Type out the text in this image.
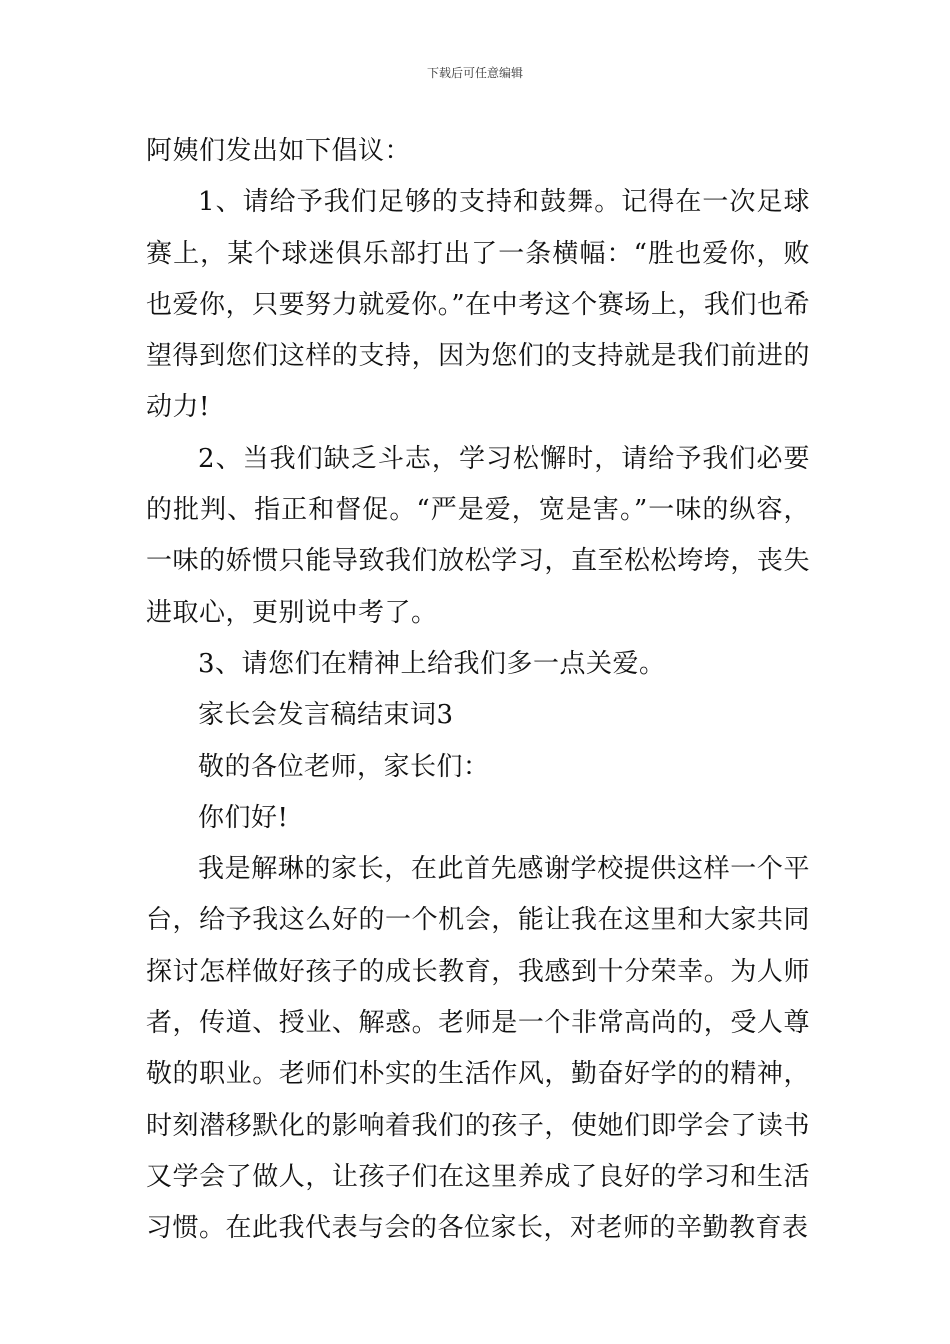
下载后可任意编辑

阿姨们发出如下倡议：

1、请给予我们足够的支持和鼓舞。记得在一次足球赛上，某个球迷俱乐部打出了一条横幅：“胜也爱你，败也爱你，只要努力就爱你。”在中考这个赛场上，我们也希望得到您们这样的支持，因为您们的支持就是我们前进的动力!

2、当我们缺乏斗志，学习松懈时，请给予我们必要的批判、指正和督促。“严是爱，宽是害。”一味的纵容，一味的娇惯只能导致我们放松学习，直至松松垮垮，丧失进取心，更别说中考了。

3、请您们在精神上给我们多一点关爱。

家长会发言稿结束词3

敬的各位老师，家长们：

你们好!

我是解琳的家长，在此首先感谢学校提供这样一个平台，给予我这么好的一个机会，能让我在这里和大家共同探讨怎样做好孩子的成长教育，我感到十分荣幸。为人师者，传道、授业、解惑。老师是一个非常高尚的，受人尊敬的职业。老师们朴实的生活作风，勤奋好学的的精神，时刻潜移默化的影响着我们的孩子，使她们即学会了读书又学会了做人，让孩子们在这里养成了良好的学习和生活习惯。在此我代表与会的各位家长，对老师的辛勤教育表
